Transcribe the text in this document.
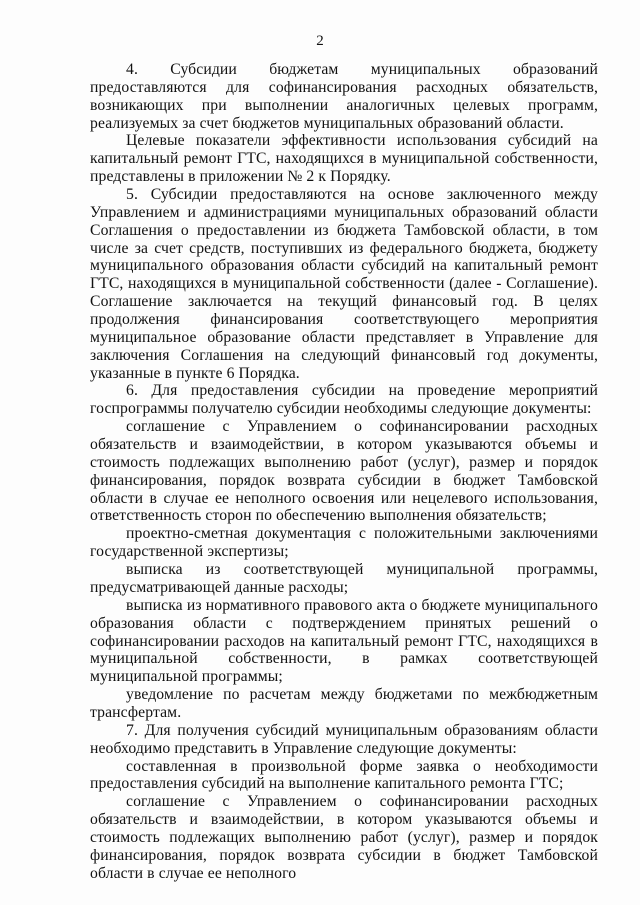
2

4. Субсидии бюджетам муниципальных образований предоставляются для софинансирования расходных обязательств, возникающих при выполнении аналогичных целевых программ, реализуемых за счет бюджетов муниципальных образований области.

Целевые показатели эффективности использования субсидий на капитальный ремонт ГТС, находящихся в муниципальной собственности, представлены в приложении № 2 к Порядку.

5. Субсидии предоставляются на основе заключенного между Управлением и администрациями муниципальных образований области Соглашения о предоставлении из бюджета Тамбовской области, в том числе за счет средств, поступивших из федерального бюджета, бюджету муниципального образования области субсидий на капитальный ремонт ГТС, находящихся в муниципальной собственности (далее - Соглашение). Соглашение заключается на текущий финансовый год. В целях продолжения финансирования соответствующего мероприятия муниципальное образование области представляет в Управление для заключения Соглашения на следующий финансовый год документы, указанные в пункте 6 Порядка.

6. Для предоставления субсидии на проведение мероприятий госпрограммы получателю субсидии необходимы следующие документы:

соглашение с Управлением о софинансировании расходных обязательств и взаимодействии, в котором указываются объемы и стоимость подлежащих выполнению работ (услуг), размер и порядок финансирования, порядок возврата субсидии в бюджет Тамбовской области в случае ее неполного освоения или нецелевого использования, ответственность сторон по обеспечению выполнения обязательств;

проектно-сметная документация с положительными заключениями государственной экспертизы;

выписка из соответствующей муниципальной программы, предусматривающей данные расходы;

выписка из нормативного правового акта о бюджете муниципального образования области с подтверждением принятых решений о софинансировании расходов на капитальный ремонт ГТС, находящихся в муниципальной собственности, в рамках соответствующей муниципальной программы;

уведомление по расчетам между бюджетами по межбюджетным трансфертам.

7. Для получения субсидий муниципальным образованиям области необходимо представить в Управление следующие документы:

составленная в произвольной форме заявка о необходимости предоставления субсидий на выполнение капитального ремонта ГТС;

соглашение с Управлением о софинансировании расходных обязательств и взаимодействии, в котором указываются объемы и стоимость подлежащих выполнению работ (услуг), размер и порядок финансирования, порядок возврата субсидии в бюджет Тамбовской области в случае ее неполного
